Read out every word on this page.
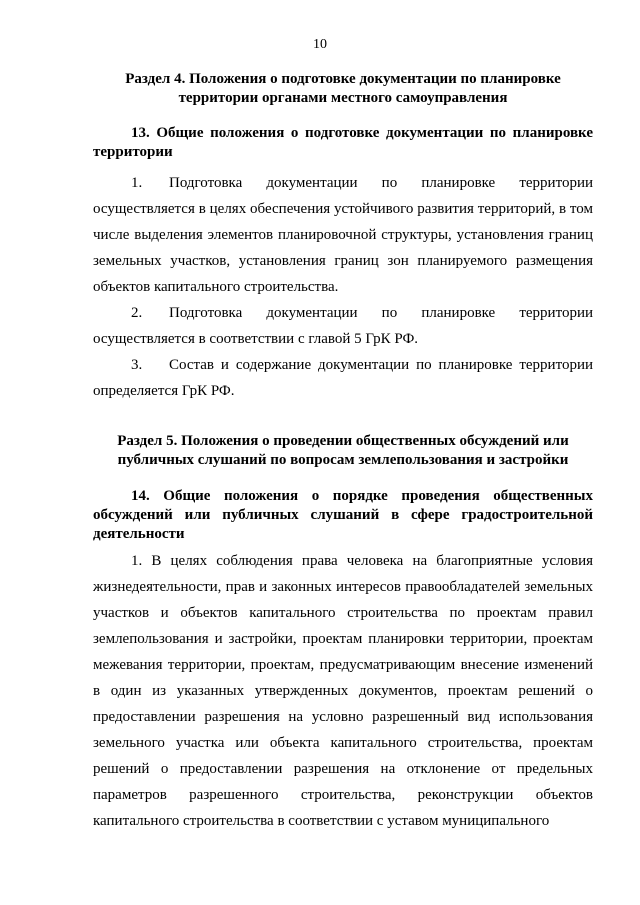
10
Раздел 4. Положения о подготовке документации по планировке
территории органами местного самоуправления
13. Общие положения о подготовке документации по планировке территории
1. Подготовка документации по планировке территории осуществляется в целях обеспечения устойчивого развития территорий, в том числе выделения элементов планировочной структуры, установления границ земельных участков, установления границ зон планируемого размещения объектов капитального строительства.
2. Подготовка документации по планировке территории осуществляется в соответствии с главой 5 ГрК РФ.
3. Состав и содержание документации по планировке территории определяется ГрК РФ.
Раздел 5. Положения о проведении общественных обсуждений или
публичных слушаний по вопросам землепользования и застройки
14. Общие положения о порядке проведения общественных обсуждений или публичных слушаний в сфере градостроительной деятельности
1. В целях соблюдения права человека на благоприятные условия жизнедеятельности, прав и законных интересов правообладателей земельных участков и объектов капитального строительства по проектам правил землепользования и застройки, проектам планировки территории, проектам межевания территории, проектам, предусматривающим внесение изменений в один из указанных утвержденных документов, проектам решений о предоставлении разрешения на условно разрешенный вид использования земельного участка или объекта капитального строительства, проектам решений о предоставлении разрешения на отклонение от предельных параметров разрешенного строительства, реконструкции объектов капитального строительства в соответствии с уставом муниципального
